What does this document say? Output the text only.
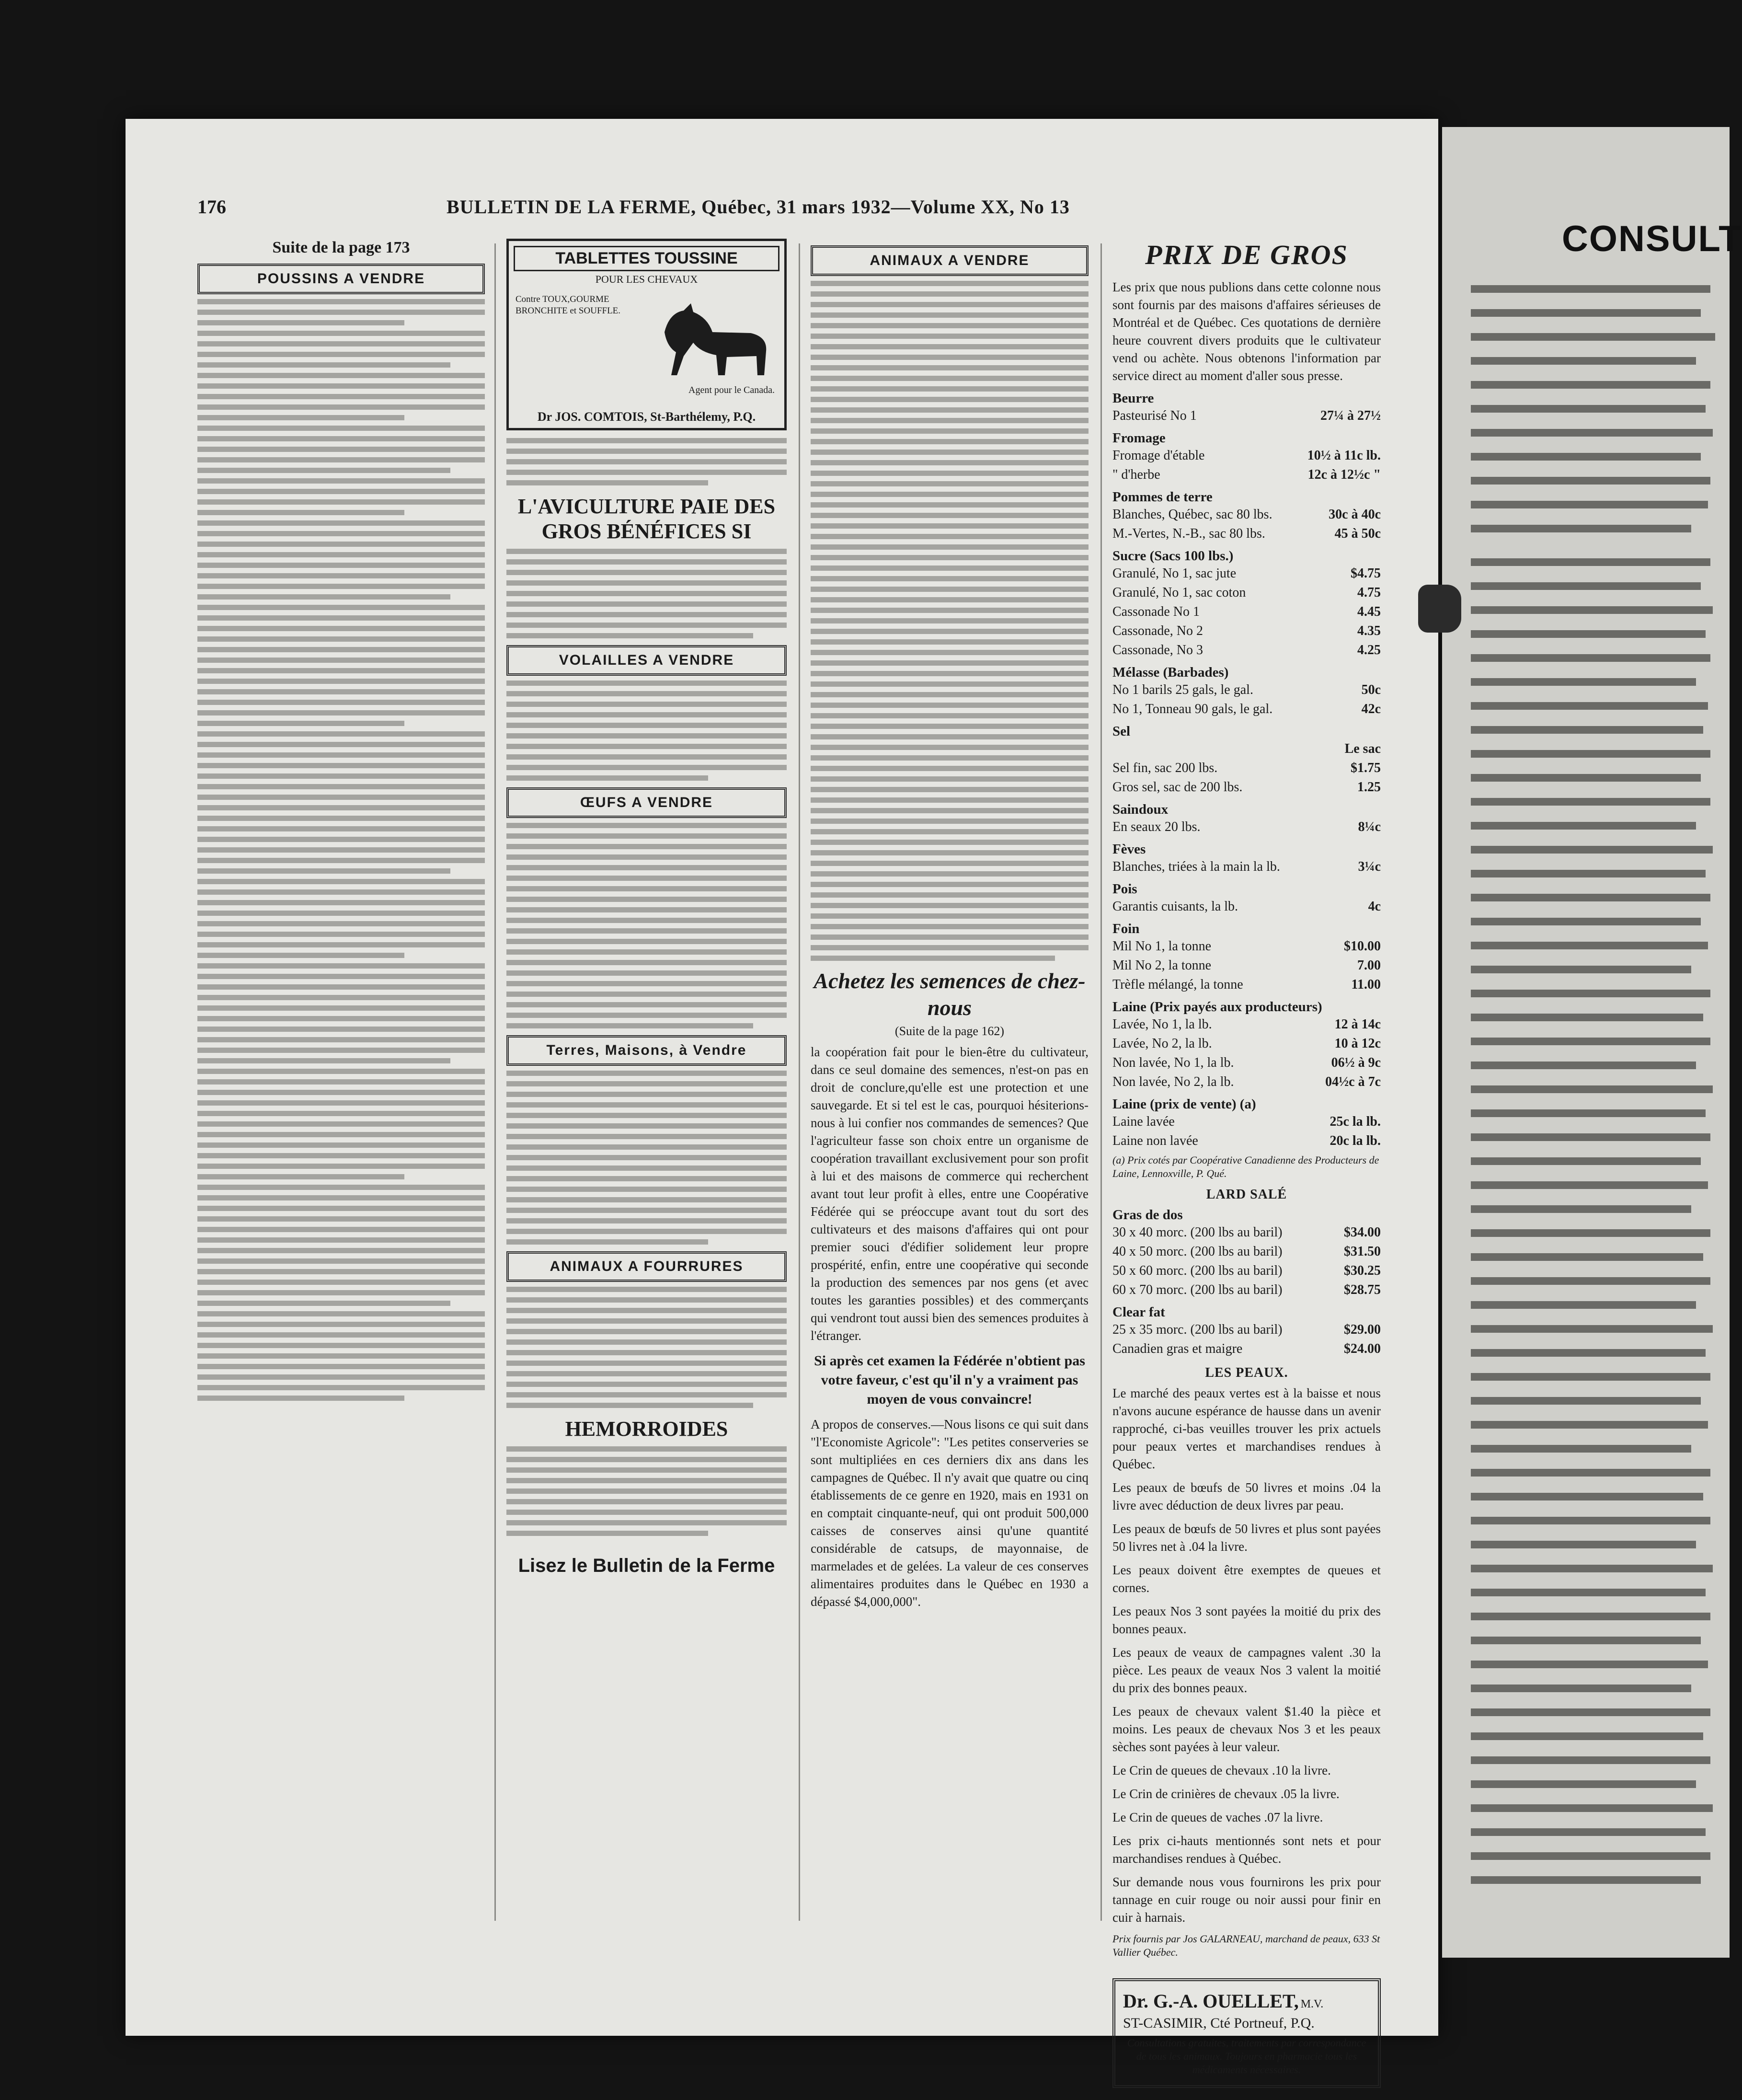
176	BULLETIN DE LA FERME, Québec, 31 mars 1932—Volume XX, No 13
Suite de la page 173
POUSSINS A VENDRE
TABLETTES TOUSSINE
POUR LES CHEVAUX
Contre TOUX,GOURME BRONCHITE et SOUFFLE.
Agent pour le Canada.
Dr JOS. COMTOIS, St-Barthélemy, P.Q.
L'AVICULTURE PAIE DES GROS BÉNÉFICES SI
VOLAILLES A VENDRE
ŒUFS A VENDRE
Terres, Maisons, à Vendre
ANIMAUX A FOURRURES
HEMORROIDES
Lisez le Bulletin de la Ferme
ANIMAUX A VENDRE
Achetez les semences de chez-nous
(Suite de la page 162)
la coopération fait pour le bien-être du cultivateur, dans ce seul domaine des semences, n'est-on pas en droit de conclure,qu'elle est une protection et une sauvegarde. Et si tel est le cas, pourquoi hésiterions-nous à lui confier nos commandes de semences? Que l'agriculteur fasse son choix entre un organisme de coopération travaillant exclusivement pour son profit à lui et des maisons de commerce qui recherchent avant tout leur profit à elles, entre une Coopérative Fédérée qui se préoccupe avant tout du sort des cultivateurs et des maisons d'affaires qui ont pour premier souci d'édifier solidement leur propre prospérité, enfin, entre une coopérative qui seconde la production des semences par nos gens (et avec toutes les garanties possibles) et des commerçants qui vendront tout aussi bien des semences produites à l'étranger.
Si après cet examen la Fédérée n'obtient pas votre faveur, c'est qu'il n'y a vraiment pas moyen de vous convaincre!
A propos de conserves.—Nous lisons ce qui suit dans "l'Economiste Agricole": "Les petites conserveries se sont multipliées en ces derniers dix ans dans les campagnes de Québec. Il n'y avait que quatre ou cinq établissements de ce genre en 1920, mais en 1931 on en comptait cinquante-neuf, qui ont produit 500,000 caisses de conserves ainsi qu'une quantité considérable de catsups, de mayonnaise, de marmelades et de gelées. La valeur de ces conserves alimentaires produites dans le Québec en 1930 a dépassé $4,000,000".
PRIX DE GROS
Les prix que nous publions dans cette colonne nous sont fournis par des maisons d'affaires sérieuses de Montréal et de Québec. Ces quotations de dernière heure couvrent divers produits que le cultivateur vend ou achète. Nous obtenons l'information par service direct au moment d'aller sous presse.
Beurre
Pasteurisé No 1	27¼ à 27½
Fromage
Fromage d'étable	10½ à 11c lb.
" d'herbe	12c à 12½c "
Pommes de terre
Blanches, Québec, sac 80 lbs.	30c à 40c
M.-Vertes, N.-B., sac 80 lbs.	45 à 50c
Sucre (Sacs 100 lbs.)
Granulé, No 1, sac jute	$4.75
Granulé, No 1, sac coton	4.75
Cassonade No 1	4.45
Cassonade, No 2	4.35
Cassonade, No 3	4.25
Mélasse (Barbades)
No 1 barils 25 gals, le gal.	50c
No 1, Tonneau 90 gals, le gal.	42c
Sel
	Le sac
Sel fin, sac 200 lbs.	$1.75
Gros sel, sac de 200 lbs.	1.25
Saindoux
En seaux 20 lbs.	8¼c
Fèves
Blanches, triées à la main la lb.	3¼c
Pois
Garantis cuisants, la lb.	4c
Foin
Mil No 1, la tonne	$10.00
Mil No 2, la tonne	7.00
Trèfle mélangé, la tonne	11.00
Laine (Prix payés aux producteurs)
Lavée, No 1, la lb.	12 à 14c
Lavée, No 2, la lb.	10 à 12c
Non lavée, No 1, la lb.	06½ à 9c
Non lavée, No 2, la lb.	04½c à 7c
Laine (prix de vente) (a)
Laine lavée	25c la lb.
Laine non lavée	20c la lb.
(a) Prix cotés par Coopérative Canadienne des Producteurs de Laine, Lennoxville, P. Qué.
LARD SALÉ
Gras de dos
30 x 40 morc. (200 lbs au baril)	$34.00
40 x 50 morc. (200 lbs au baril)	$31.50
50 x 60 morc. (200 lbs au baril)	$30.25
60 x 70 morc. (200 lbs au baril)	$28.75
Clear fat
25 x 35 morc. (200 lbs au baril)	$29.00
Canadien gras et maigre	$24.00
LES PEAUX.
Le marché des peaux vertes est à la baisse et nous n'avons aucune espérance de hausse dans un avenir rapproché, ci-bas veuilles trouver les prix actuels pour peaux vertes et marchandises rendues à Québec.
Les peaux de bœufs de 50 livres et moins .04 la livre avec déduction de deux livres par peau.
Les peaux de bœufs de 50 livres et plus sont payées 50 livres net à .04 la livre.
Les peaux doivent être exemptes de queues et cornes.
Les peaux Nos 3 sont payées la moitié du prix des bonnes peaux.
Les peaux de veaux de campagnes valent .30 la pièce. Les peaux de veaux Nos 3 valent la moitié du prix des bonnes peaux.
Les peaux de chevaux valent $1.40 la pièce et moins. Les peaux de chevaux Nos 3 et les peaux sèches sont payées à leur valeur.
Le Crin de queues de chevaux .10 la livre.
Le Crin de crinières de chevaux .05 la livre.
Le Crin de queues de vaches .07 la livre.
Les prix ci-hauts mentionnés sont nets et pour marchandises rendues à Québec.
Sur demande nous vous fournirons les prix pour tannage en cuir rouge ou noir aussi pour finir en cuir à harnais.
Prix fournis par Jos GALARNEAU, marchand de peaux, 633 St Vallier Québec.
Dr. G.-A. OUELLET, M.V.
ST-CASIMIR, Cté Portneuf, P.Q.
Consultations gratuites, traitements par correspondance de tous les animaux. Toujours en pharmacie tous les médicaments nécessaires.
CONSULT
